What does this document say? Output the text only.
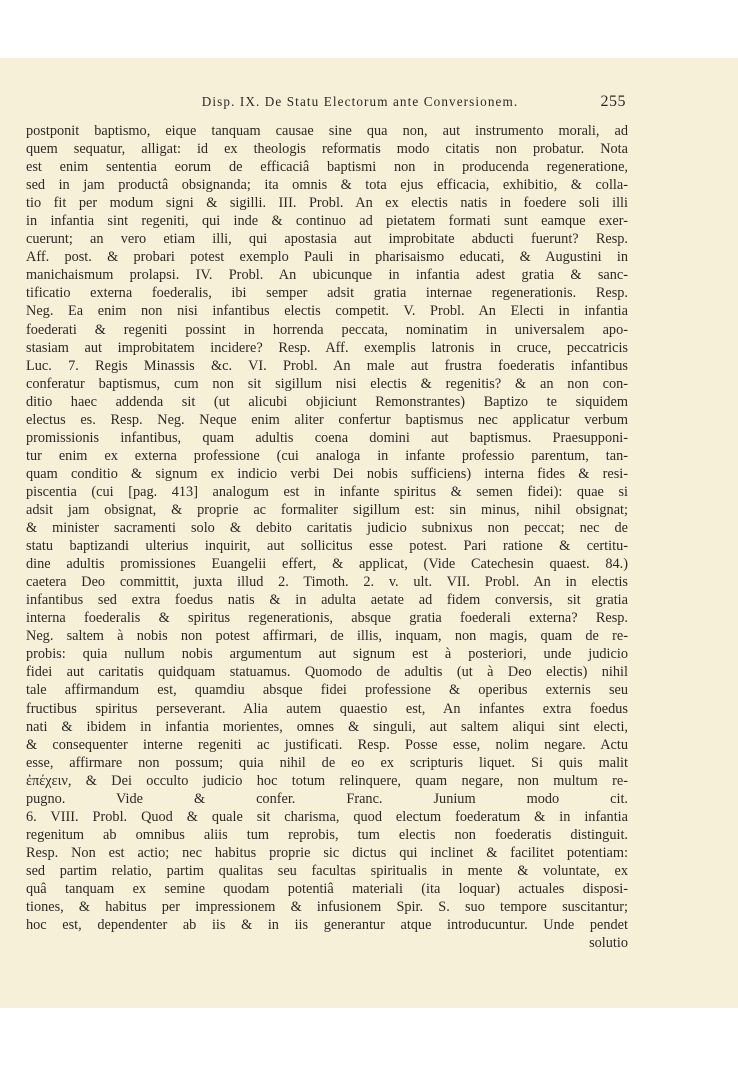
Disp. IX. De Statu Electorum ante Conversionem.	255
postponit baptismo, eique tanquam causae sine qua non, aut instrumento morali, ad
quem sequatur, alligat: id ex theologis reformatis modo citatis non probatur. Nota
est enim sententia eorum de efficaciâ baptismi non in producenda regeneratione,
sed in jam productâ obsignanda; ita omnis & tota ejus efficacia, exhibitio, & colla-
tio fit per modum signi & sigilli. III. Probl. An ex electis natis in foedere soli illi
in infantia sint regeniti, qui inde & continuo ad pietatem formati sunt eamque exer-
cuerunt; an vero etiam illi, qui apostasia aut improbitate abducti fuerunt? Resp.
Aff. post. & probari potest exemplo Pauli in pharisaismo educati, & Augustini in
manichaismum prolapsi. IV. Probl. An ubicunque in infantia adest gratia & sanc-
tificatio externa foederalis, ibi semper adsit gratia internae regenerationis. Resp.
Neg. Ea enim non nisi infantibus electis competit. V. Probl. An Electi in infantia
foederati & regeniti possint in horrenda peccata, nominatim in universalem apo-
stasiam aut improbitatem incidere? Resp. Aff. exemplis latronis in cruce, peccatricis
Luc. 7. Regis Minassis &c. VI. Probl. An male aut frustra foederatis infantibus
conferatur baptismus, cum non sit sigillum nisi electis & regenitis? & an non con-
ditio haec addenda sit (ut alicubi objiciunt Remonstrantes) Baptizo te siquidem
electus es. Resp. Neg. Neque enim aliter confertur baptismus nec applicatur verbum
promissionis infantibus, quam adultis coena domini aut baptismus. Praesupponi-
tur enim ex externa professione (cui analoga in infante professio parentum, tan-
quam conditio & signum ex indicio verbi Dei nobis sufficiens) interna fides & resi-
piscentia (cui [pag. 413] analogum est in infante spiritus & semen fidei): quae si
adsit jam obsignat, & proprie ac formaliter sigillum est: sin minus, nihil obsignat;
& minister sacramenti solo & debito caritatis judicio subnixus non peccat; nec de
statu baptizandi ulterius inquirit, aut sollicitus esse potest. Pari ratione & certitu-
dine adultis promissiones Euangelii effert, & applicat, (Vide Catechesin quaest. 84.)
caetera Deo committit, juxta illud 2. Timoth. 2. v. ult. VII. Probl. An in electis
infantibus sed extra foedus natis & in adulta aetate ad fidem conversis, sit gratia
interna foederalis & spiritus regenerationis, absque gratia foederali externa? Resp.
Neg. saltem à nobis non potest affirmari, de illis, inquam, non magis, quam de re-
probis: quia nullum nobis argumentum aut signum est à posteriori, unde judicio
fidei aut caritatis quidquam statuamus. Quomodo de adultis (ut à Deo electis) nihil
tale affirmandum est, quamdiu absque fidei professione & operibus externis seu
fructibus spiritus perseverant. Alia autem quaestio est, An infantes extra foedus
nati & ibidem in infantia morientes, omnes & singuli, aut saltem aliqui sint electi,
& consequenter interne regeniti ac justificati. Resp. Posse esse, nolim negare. Actu
esse, affirmare non possum; quia nihil de eo ex scripturis liquet. Si quis malit
ἐπέχειν, & Dei occulto judicio hoc totum relinquere, quam negare, non multum re-
pugno. Vide & confer. Franc. Junium modo cit.
6. VIII. Probl. Quod & quale sit charisma, quod electum foederatum & in infantia
regenitum ab omnibus aliis tum reprobis, tum electis non foederatis distinguit.
Resp. Non est actio; nec habitus proprie sic dictus qui inclinet & facilitet potentiam:
sed partim relatio, partim qualitas seu facultas spiritualis in mente & voluntate, ex
quâ tanquam ex semine quodam potentiâ materiali (ita loquar) actuales disposi-
tiones, & habitus per impressionem & infusionem Spir. S. suo tempore suscitantur;
hoc est, dependenter ab iis & in iis generantur atque introducuntur. Unde pendet
solutio
